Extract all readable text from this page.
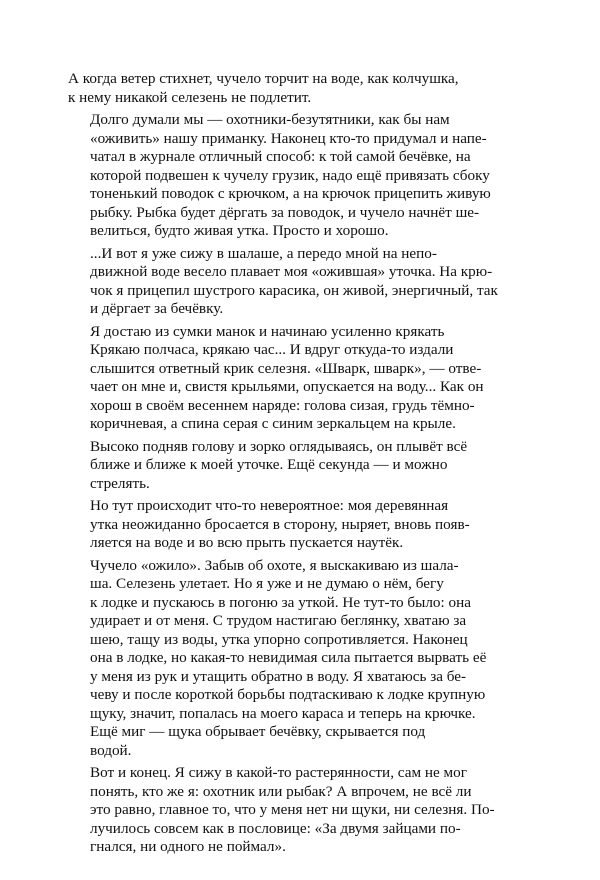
А когда ветер стихнет, чучело торчит на воде, как колчушка,
к нему никакой селезень не подлетит.
Долго думали мы — охотники-безутятники, как бы нам
«оживить» нашу приманку. Наконец кто-то придумал и напе-
чатал в журнале отличный способ: к той самой бечёвке, на
которой подвешен к чучелу грузик, надо ещё привязать сбоку
тоненький поводок с крючком, а на крючок прицепить живую
рыбку. Рыбка будет дёргать за поводок, и чучело начнёт ше-
велиться, будто живая утка. Просто и хорошо.
...И вот я уже сижу в шалаше, а передо мной на непо-
движной воде весело плавает моя «ожившая» уточка. На крю-
чок я прицепил шустрого карасика, он живой, энергичный, так
и дёргает за бечёвку.
Я достаю из сумки манок и начинаю усиленно крякать
Крякаю полчаса, крякаю час... И вдруг откуда-то издали
слышится ответный крик селезня. «Шварк, шварк», — отве-
чает он мне и, свистя крыльями, опускается на воду... Как он
хорош в своём весеннем наряде: голова сизая, грудь тёмно-
коричневая, а спина серая с синим зеркальцем на крыле.
Высоко подняв голову и зорко оглядываясь, он плывёт всё
ближе и ближе к моей уточке. Ещё секунда — и можно
стрелять.
Но тут происходит что-то невероятное: моя деревянная
утка неожиданно бросается в сторону, ныряет, вновь появ-
ляется на воде и во всю прыть пускается наутёк.
Чучело «ожило». Забыв об охоте, я выскакиваю из шала-
ша. Селезень улетает. Но я уже и не думаю о нём, бегу
к лодке и пускаюсь в погоню за уткой. Не тут-то было: она
удирает и от меня. С трудом настигаю беглянку, хватаю за
шею, тащу из воды, утка упорно сопротивляется. Наконец
она в лодке, но какая-то невидимая сила пытается вырвать её
у меня из рук и утащить обратно в воду. Я хватаюсь за бе-
чеву и после короткой борьбы подтаскиваю к лодке крупную
щуку, значит, попалась на моего караса и теперь на крючке.
Ещё миг — щука обрывает бечёвку, скрывается под
водой.
Вот и конец. Я сижу в какой-то растерянности, сам не мог
понять, кто же я: охотник или рыбак? А впрочем, не всё ли
это равно, главное то, что у меня нет ни щуки, ни селезня. По-
лучилось совсем как в пословице: «За двумя зайцами по-
гнался, ни одного не поймал».
